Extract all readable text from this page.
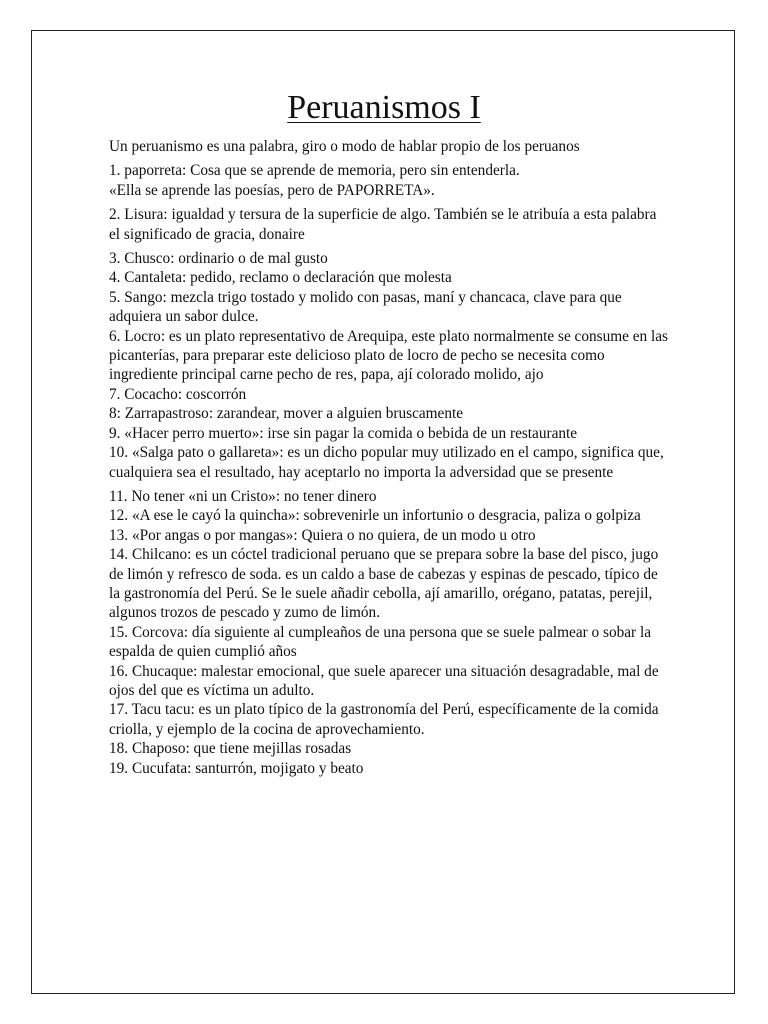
Peruanismos I

Un peruanismo es una palabra, giro o modo de hablar propio de los peruanos

1. paporreta: Cosa que se aprende de memoria, pero sin entenderla.

«Ella se aprende las poesías, pero de PAPORRETA».

2. Lisura: igualdad y tersura de la superficie de algo. También se le atribuía a esta palabra el significado de gracia, donaire

3. Chusco: ordinario o de mal gusto

4. Cantaleta: pedido, reclamo o declaración que molesta

5. Sango: mezcla trigo tostado y molido con pasas, maní y chancaca, clave para que adquiera un sabor dulce.

6. Locro: es un plato representativo de Arequipa, este plato normalmente se consume en las picanterías, para preparar este delicioso plato de locro de pecho se necesita como ingrediente principal carne pecho de res, papa, ají colorado molido, ajo

7. Cocacho: coscorrón

8: Zarrapastroso: zarandear, mover a alguien bruscamente

9. «Hacer perro muerto»: irse sin pagar la comida o bebida de un restaurante

10. «Salga pato o gallareta»: es un dicho popular muy utilizado en el campo, significa que, cualquiera sea el resultado, hay aceptarlo no importa la adversidad que se presente

11. No tener «ni un Cristo»: no tener dinero

12. «A ese le cayó la quincha»: sobrevenirle un infortunio o desgracia, paliza o golpiza

13. «Por angas o por mangas»: Quiera o no quiera, de un modo u otro

14. Chilcano: es un cóctel tradicional peruano que se prepara sobre la base del pisco, jugo de limón y refresco de soda. es un caldo a base de cabezas y espinas de pescado, típico de la gastronomía del Perú. Se le suele añadir cebolla, ají amarillo, orégano, patatas, perejil, algunos trozos de pescado y zumo de limón.

15. Corcova: día siguiente al cumpleaños de una persona que se suele palmear o sobar la espalda de quien cumplió años

16. Chucaque: malestar emocional, que suele aparecer una situación desagradable, mal de ojos del que es víctima un adulto.

17. Tacu tacu: es un plato típico de la gastronomía del Perú, específicamente de la comida criolla, y ejemplo de la cocina de aprovechamiento.

18. Chaposo: que tiene mejillas rosadas

19. Cucufata: santurrón, mojigato y beato
